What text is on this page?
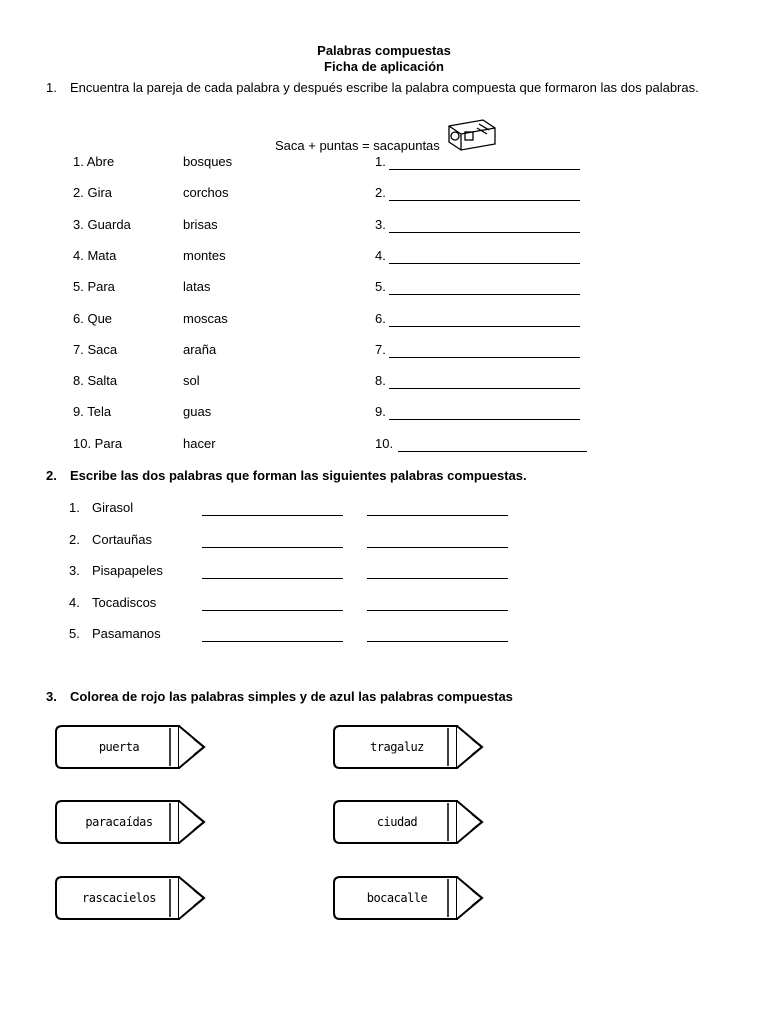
Palabras compuestas
Ficha de aplicación
1. Encuentra la pareja de cada palabra y después escribe la palabra compuesta que formaron las dos palabras.
Saca + puntas = sacapuntas
1. Abre	bosques	1.
2. Gira	corchos	2.
3. Guarda	brisas	3.
4. Mata	montes	4.
5. Para	latas	5.
6. Que	moscas	6.
7. Saca	araña	7.
8. Salta	sol	8.
9. Tela	guas	9.
10. Para	hacer	10.
2. Escribe las dos palabras que forman las siguientes palabras compuestas.
1. Girasol
2. Cortauñas
3. Pisapapeles
4. Tocadiscos
5. Pasamanos
3. Colorea de rojo las palabras simples y de azul las palabras compuestas
puerta	tragaluz
paracaídas	ciudad
rascacielos	bocacalle
